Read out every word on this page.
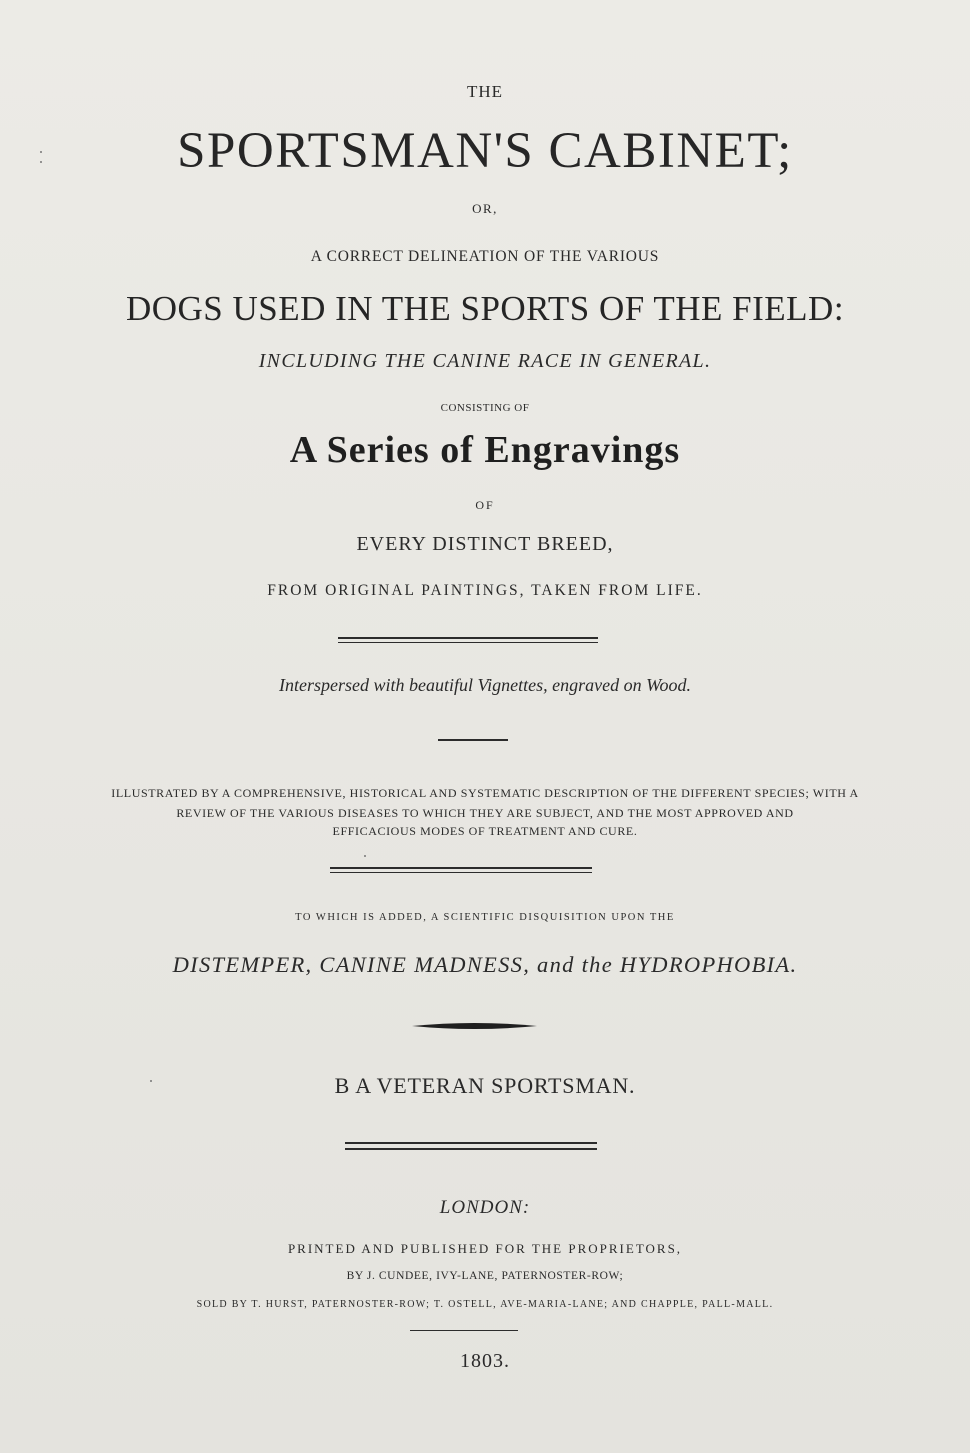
THE
SPORTSMAN'S CABINET;
OR,
A CORRECT DELINEATION OF THE VARIOUS
DOGS USED IN THE SPORTS OF THE FIELD:
INCLUDING THE CANINE RACE IN GENERAL.
CONSISTING OF
A Series of Engravings
OF
EVERY DISTINCT BREED,
FROM ORIGINAL PAINTINGS, TAKEN FROM LIFE.
Interspersed with beautiful Vignettes, engraved on Wood.
ILLUSTRATED BY A COMPREHENSIVE, HISTORICAL AND SYSTEMATIC DESCRIPTION OF THE DIFFERENT SPECIES; WITH A
REVIEW OF THE VARIOUS DISEASES TO WHICH THEY ARE SUBJECT, AND THE MOST APPROVED AND
EFFICACIOUS MODES OF TREATMENT AND CURE.
TO WHICH IS ADDED, A SCIENTIFIC DISQUISITION UPON THE
DISTEMPER, CANINE MADNESS, and the HYDROPHOBIA.
B A VETERAN SPORTSMAN.
LONDON:
PRINTED AND PUBLISHED FOR THE PROPRIETORS,
BY J. CUNDEE, IVY-LANE, PATERNOSTER-ROW;
SOLD BY T. HURST, PATERNOSTER-ROW; T. OSTELL, AVE-MARIA-LANE; AND CHAPPLE, PALL-MALL.
1803.
